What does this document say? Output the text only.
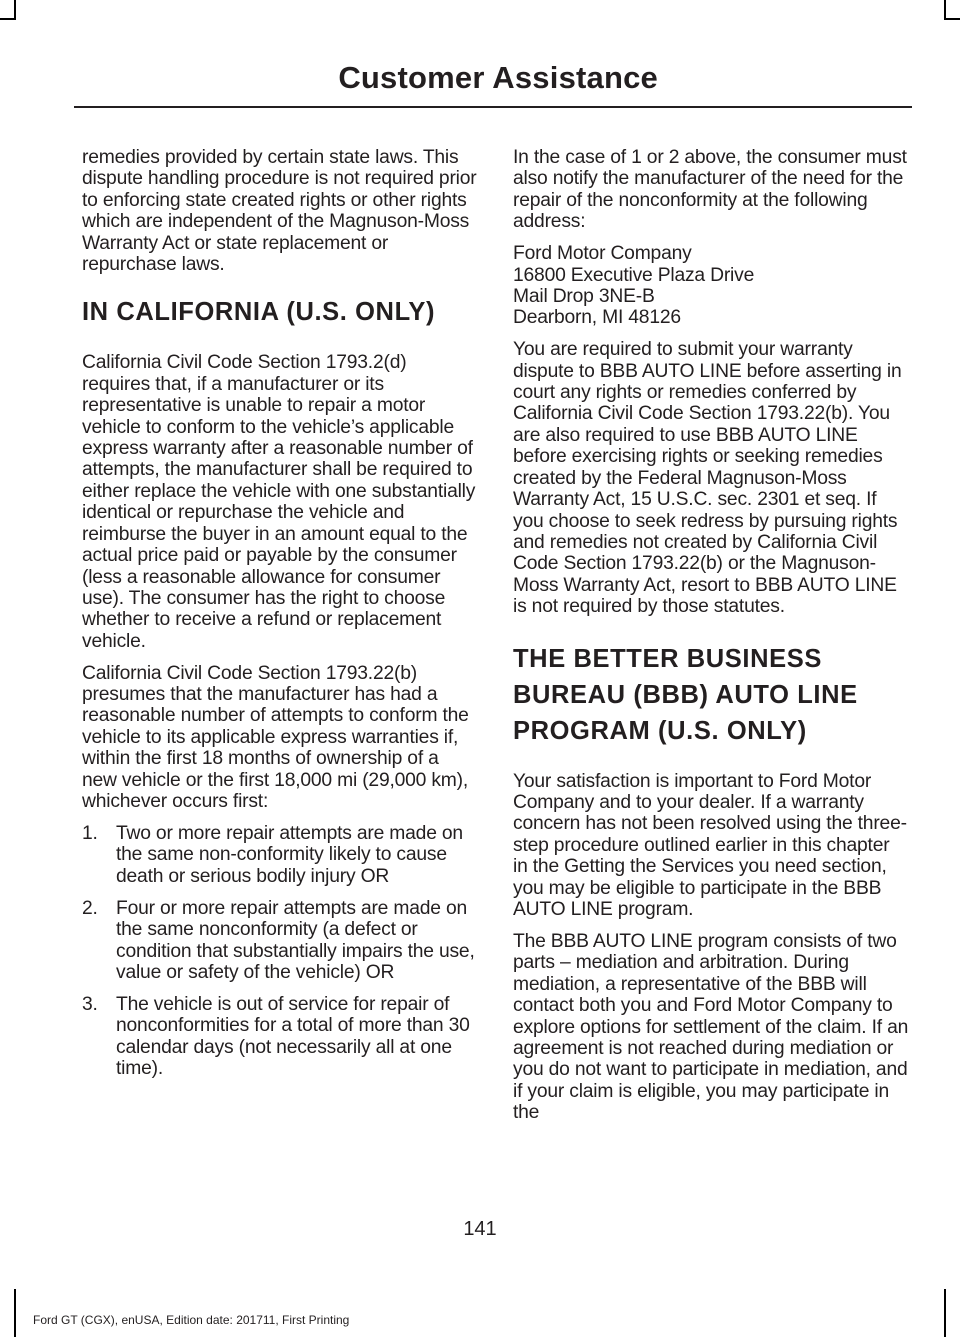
Customer Assistance

remedies provided by certain state laws. This dispute handling procedure is not required prior to enforcing state created rights or other rights which are independent of the Magnuson-Moss Warranty Act or state replacement or repurchase laws.

IN CALIFORNIA (U.S. ONLY)

California Civil Code Section 1793.2(d) requires that, if a manufacturer or its representative is unable to repair a motor vehicle to conform to the vehicle’s applicable express warranty after a reasonable number of attempts, the manufacturer shall be required to either replace the vehicle with one substantially identical or repurchase the vehicle and reimburse the buyer in an amount equal to the actual price paid or payable by the consumer (less a reasonable allowance for consumer use). The consumer has the right to choose whether to receive a refund or replacement vehicle.

California Civil Code Section 1793.22(b) presumes that the manufacturer has had a reasonable number of attempts to conform the vehicle to its applicable express warranties if, within the first 18 months of ownership of a new vehicle or the first 18,000 mi (29,000 km), whichever occurs first:

1. Two or more repair attempts are made on the same non-conformity likely to cause death or serious bodily injury OR
2. Four or more repair attempts are made on the same nonconformity (a defect or condition that substantially impairs the use, value or safety of the vehicle) OR
3. The vehicle is out of service for repair of nonconformities for a total of more than 30 calendar days (not necessarily all at one time).

In the case of 1 or 2 above, the consumer must also notify the manufacturer of the need for the repair of the nonconformity at the following address:

Ford Motor Company
16800 Executive Plaza Drive
Mail Drop 3NE-B
Dearborn, MI 48126

You are required to submit your warranty dispute to BBB AUTO LINE before asserting in court any rights or remedies conferred by California Civil Code Section 1793.22(b). You are also required to use BBB AUTO LINE before exercising rights or seeking remedies created by the Federal Magnuson-Moss Warranty Act, 15 U.S.C. sec. 2301 et seq. If you choose to seek redress by pursuing rights and remedies not created by California Civil Code Section 1793.22(b) or the Magnuson-Moss Warranty Act, resort to BBB AUTO LINE is not required by those statutes.

THE BETTER BUSINESS BUREAU (BBB) AUTO LINE PROGRAM (U.S. ONLY)

Your satisfaction is important to Ford Motor Company and to your dealer. If a warranty concern has not been resolved using the three-step procedure outlined earlier in this chapter in the Getting the Services you need section, you may be eligible to participate in the BBB AUTO LINE program.

The BBB AUTO LINE program consists of two parts – mediation and arbitration. During mediation, a representative of the BBB will contact both you and Ford Motor Company to explore options for settlement of the claim. If an agreement is not reached during mediation or you do not want to participate in mediation, and if your claim is eligible, you may participate in the

141
Ford GT (CGX), enUSA, Edition date: 201711, First Printing
